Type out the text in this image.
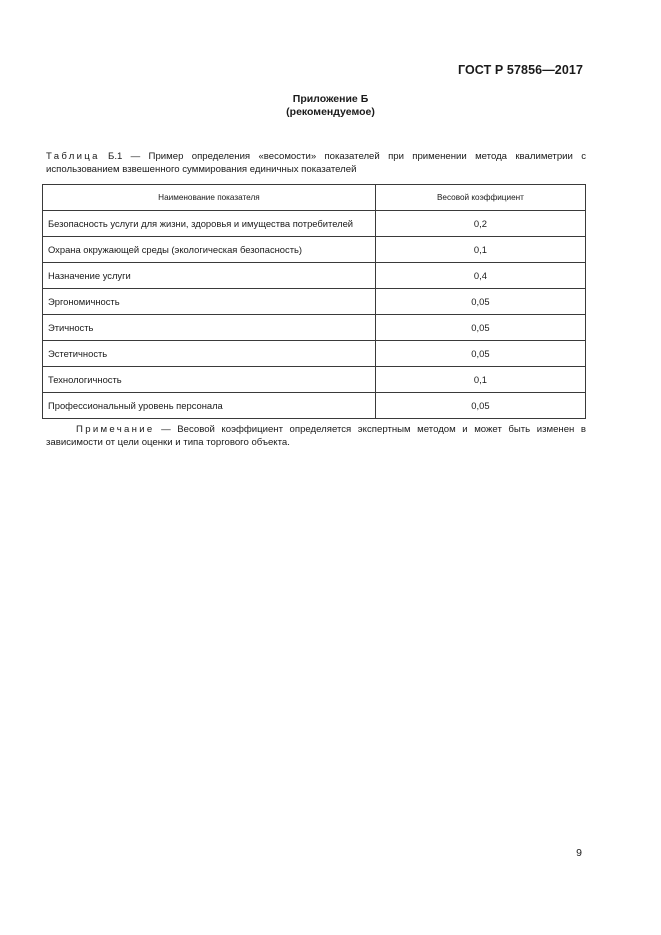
ГОСТ Р 57856—2017
Приложение Б
(рекомендуемое)
Таблица Б.1 — Пример определения «весомости» показателей при применении метода квалиметрии с использованием взвешенного суммирования единичных показателей
Наименование показателя	Весовой коэффициент
Безопасность услуги для жизни, здоровья и имущества потребителей	0,2
Охрана окружающей среды (экологическая безопасность)	0,1
Назначение услуги	0,4
Эргономичность	0,05
Этичность	0,05
Эстетичность	0,05
Технологичность	0,1
Профессиональный уровень персонала	0,05
Примечание — Весовой коэффициент определяется экспертным методом и может быть изменен в зависимости от цели оценки и типа торгового объекта.
9
